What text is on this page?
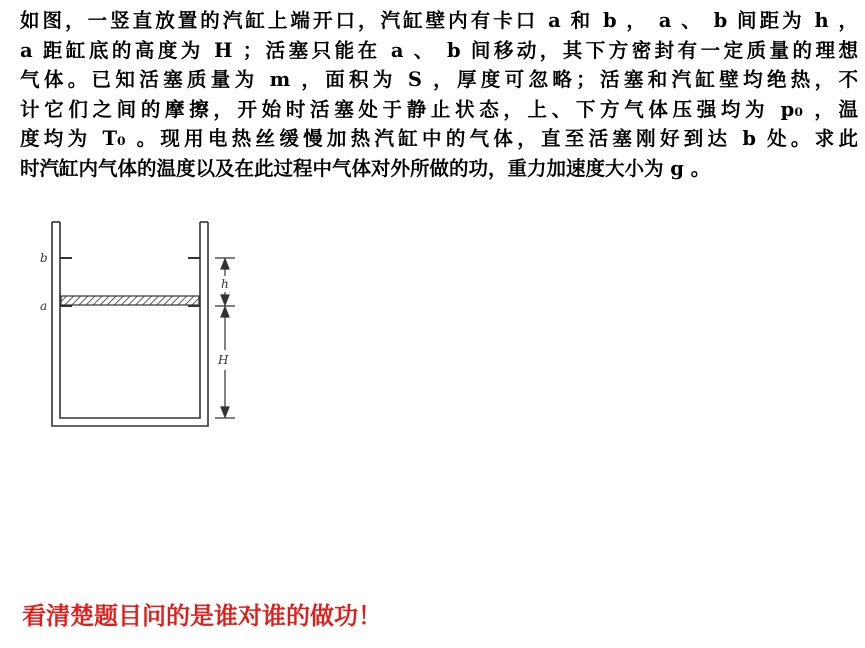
如图，一竖直放置的汽缸上端开口，汽缸壁内有卡口 a 和 b ， a 、 b 间距为 h ，
a 距缸底的高度为 H ；活塞只能在 a 、 b 间移动，其下方密封有一定质量的理想
气体。已知活塞质量为 m ，面积为 S ，厚度可忽略；活塞和汽缸壁均绝热，不
计它们之间的摩擦，开始时活塞处于静止状态，上、下方气体压强均为 p₀ ，温
度均为 T₀ 。现用电热丝缓慢加热汽缸中的气体，直至活塞刚好到达 b 处。求此
时汽缸内气体的温度以及在此过程中气体对外所做的功，重力加速度大小为 g 。
b
a
h
H
看清楚题目问的是谁对谁的做功！
